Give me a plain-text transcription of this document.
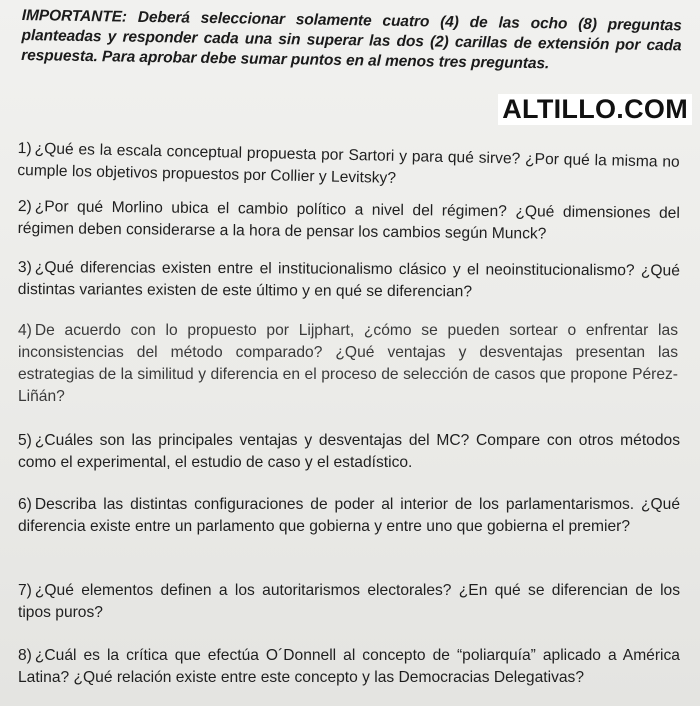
IMPORTANTE: Deberá seleccionar solamente cuatro (4) de las ocho (8) preguntas planteadas y responder cada una sin superar las dos (2) carillas de extensión por cada respuesta. Para aprobar debe sumar puntos en al menos tres preguntas.
ALTILLO.COM

1) ¿Qué es la escala conceptual propuesta por Sartori y para qué sirve? ¿Por qué la misma no cumple los objetivos propuestos por Collier y Levitsky?

2) ¿Por qué Morlino ubica el cambio político a nivel del régimen? ¿Qué dimensiones del régimen deben considerarse a la hora de pensar los cambios según Munck?

3) ¿Qué diferencias existen entre el institucionalismo clásico y el neoinstitucionalismo? ¿Qué distintas variantes existen de este último y en qué se diferencian?

4) De acuerdo con lo propuesto por Lijphart, ¿cómo se pueden sortear o enfrentar las inconsistencias del método comparado? ¿Qué ventajas y desventajas presentan las estrategias de la similitud y diferencia en el proceso de selección de casos que propone Pérez-Liñán?

5) ¿Cuáles son las principales ventajas y desventajas del MC? Compare con otros métodos como el experimental, el estudio de caso y el estadístico.

6) Describa las distintas configuraciones de poder al interior de los parlamentarismos. ¿Qué diferencia existe entre un parlamento que gobierna y entre uno que gobierna el premier?

7) ¿Qué elementos definen a los autoritarismos electorales? ¿En qué se diferencian de los tipos puros?

8) ¿Cuál es la crítica que efectúa O´Donnell al concepto de “poliarquía” aplicado a América Latina? ¿Qué relación existe entre este concepto y las Democracias Delegativas?
